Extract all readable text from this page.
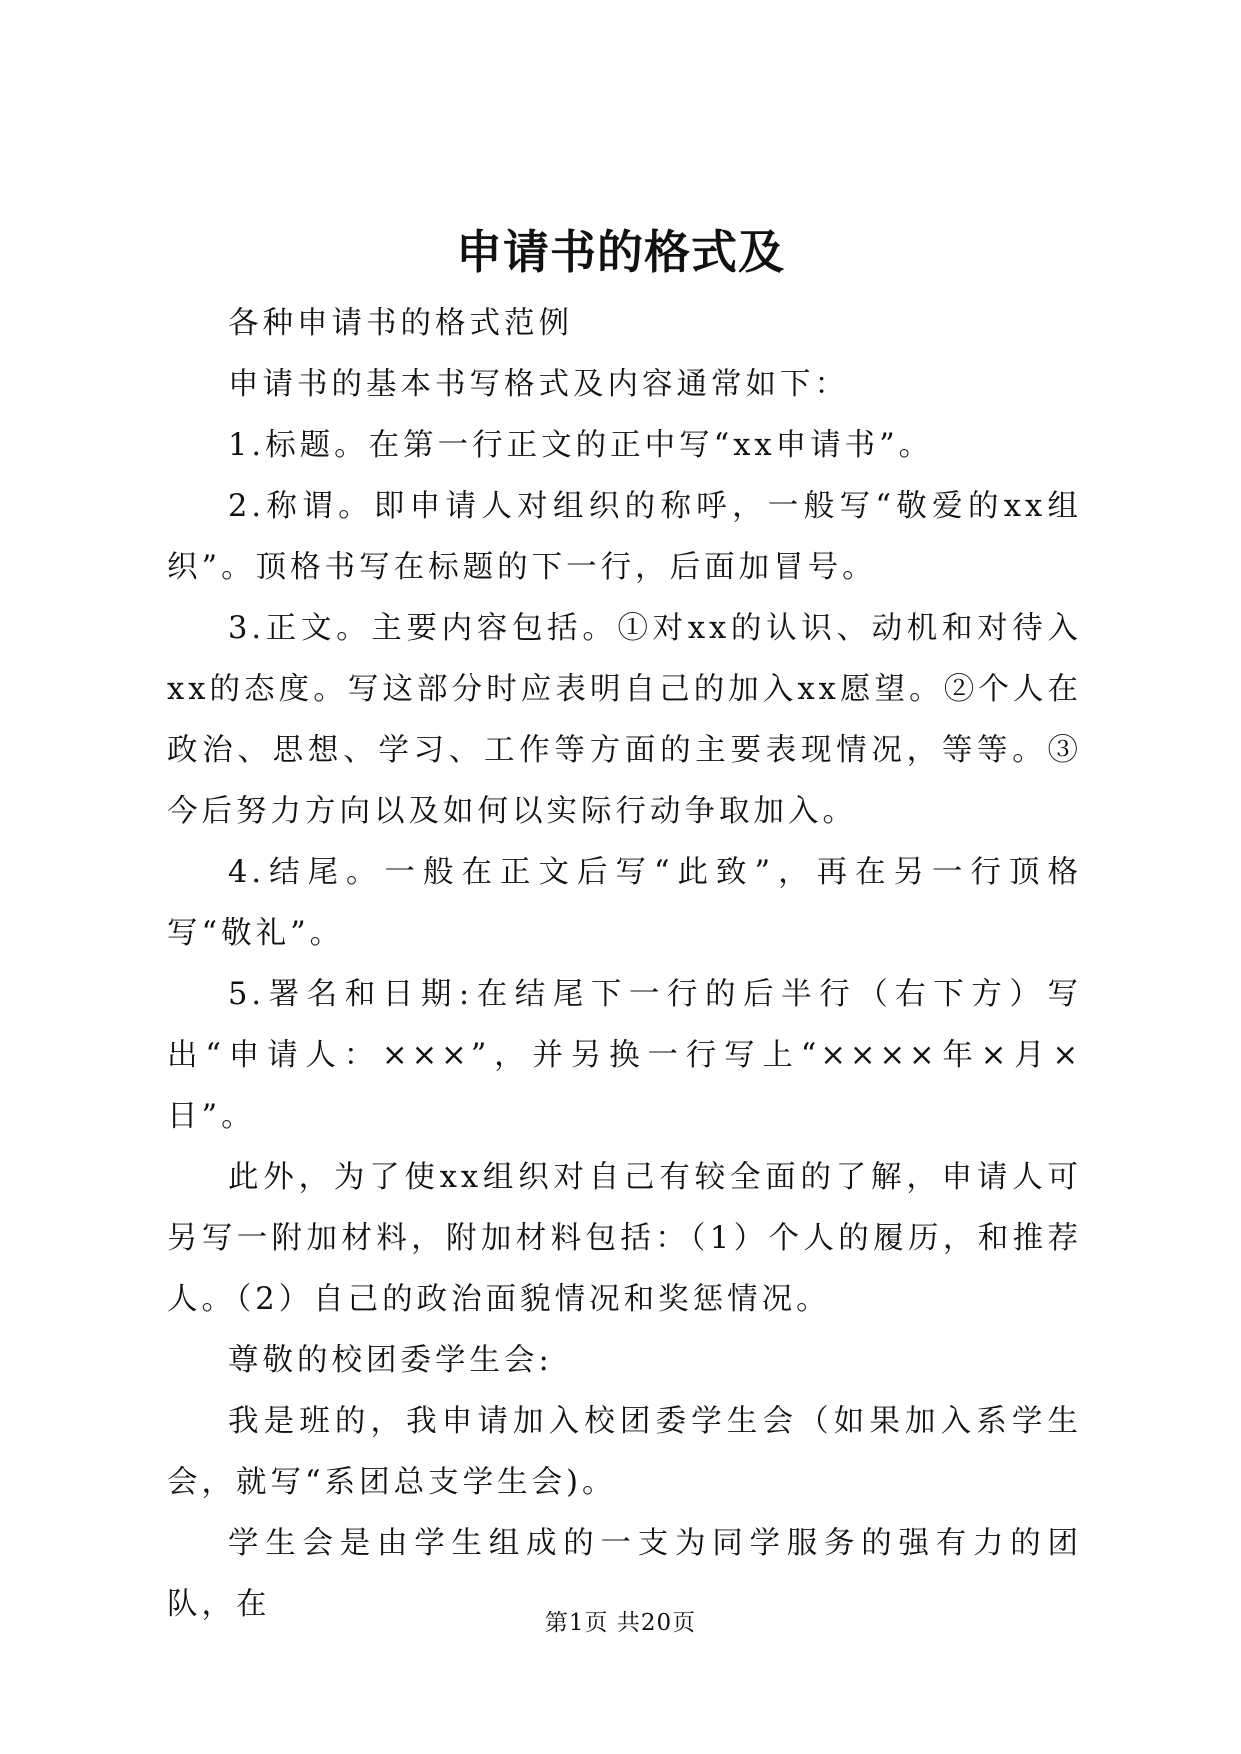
申请书的格式及

各种申请书的格式范例

申请书的基本书写格式及内容通常如下：

1.标题。在第一行正文的正中写“xx申请书”。

2.称谓。即申请人对组织的称呼，一般写“敬爱的xx组织”。顶格书写在标题的下一行，后面加冒号。

3.正文。主要内容包括。①对xx的认识、动机和对待入xx的态度。写这部分时应表明自己的加入xx愿望。②个人在政治、思想、学习、工作等方面的主要表现情况，等等。③今后努力方向以及如何以实际行动争取加入。

4.结尾。一般在正文后写“此致”，再在另一行顶格写“敬礼”。

5.署名和日期:在结尾下一行的后半行（右下方）写出“申请人：×××”，并另换一行写上“××××年×月×日”。

此外，为了使xx组织对自己有较全面的了解，申请人可另写一附加材料，附加材料包括：（1）个人的履历，和推荐人。（2）自己的政治面貌情况和奖惩情况。

尊敬的校团委学生会:

我是班的，我申请加入校团委学生会（如果加入系学生会，就写“系团总支学生会)。

学生会是由学生组成的一支为同学服务的强有力的团队，在

第1页 共20页
